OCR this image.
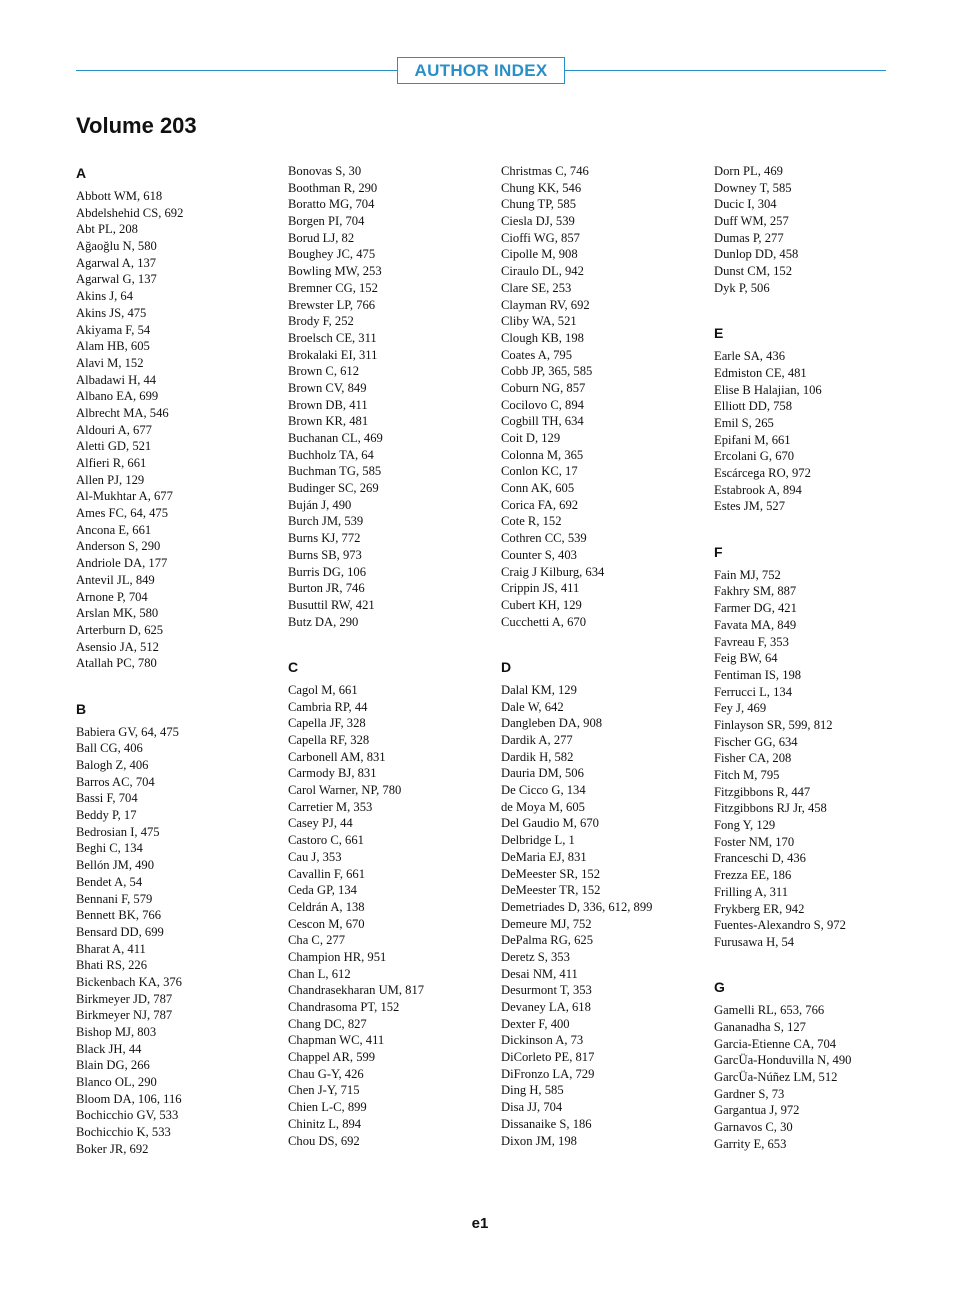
AUTHOR INDEX
Volume 203
A
Abbott WM, 618
Abdelshehid CS, 692
Abt PL, 208
Ağaoğlu N, 580
Agarwal A, 137
Agarwal G, 137
Akins J, 64
Akins JS, 475
Akiyama F, 54
Alam HB, 605
Alavi M, 152
Albadawi H, 44
Albano EA, 699
Albrecht MA, 546
Aldouri A, 677
Aletti GD, 521
Alfieri R, 661
Allen PJ, 129
Al-Mukhtar A, 677
Ames FC, 64, 475
Ancona E, 661
Anderson S, 290
Andriole DA, 177
Antevil JL, 849
Arnone P, 704
Arslan MK, 580
Arterburn D, 625
Asensio JA, 512
Atallah PC, 780
B
Babiera GV, 64, 475
Ball CG, 406
Balogh Z, 406
Barros AC, 704
Bassi F, 704
Beddy P, 17
Bedrosian I, 475
Beghi C, 134
Bellón JM, 490
Bendet A, 54
Bennani F, 579
Bennett BK, 766
Bensard DD, 699
Bharat A, 411
Bhati RS, 226
Bickenbach KA, 376
Birkmeyer JD, 787
Birkmeyer NJ, 787
Bishop MJ, 803
Black JH, 44
Blain DG, 266
Blanco OL, 290
Bloom DA, 106, 116
Bochicchio GV, 533
Bochicchio K, 533
Boker JR, 692
Bonovas S, 30
Boothman R, 290
Boratto MG, 704
Borgen PI, 704
Borud LJ, 82
Boughey JC, 475
Bowling MW, 253
Bremner CG, 152
Brewster LP, 766
Brody F, 252
Broelsch CE, 311
Brokalaki EI, 311
Brown C, 612
Brown CV, 849
Brown DB, 411
Brown KR, 481
Buchanan CL, 469
Buchholz TA, 64
Buchman TG, 585
Budinger SC, 269
Buján J, 490
Burch JM, 539
Burns KJ, 772
Burns SB, 973
Burris DG, 106
Burton JR, 746
Busuttil RW, 421
Butz DA, 290
C
Cagol M, 661
Cambria RP, 44
Capella JF, 328
Capella RF, 328
Carbonell AM, 831
Carmody BJ, 831
Carol Warner, NP, 780
Carretier M, 353
Casey PJ, 44
Castoro C, 661
Cau J, 353
Cavallin F, 661
Ceda GP, 134
Celdrán A, 138
Cescon M, 670
Cha C, 277
Champion HR, 951
Chan L, 612
Chandrasekharan UM, 817
Chandrasoma PT, 152
Chang DC, 827
Chapman WC, 411
Chappel AR, 599
Chau G-Y, 426
Chen J-Y, 715
Chien L-C, 899
Chinitz L, 894
Chou DS, 692
Christmas C, 746
Chung KK, 546
Chung TP, 585
Ciesla DJ, 539
Cioffi WG, 857
Cipolle M, 908
Ciraulo DL, 942
Clare SE, 253
Clayman RV, 692
Cliby WA, 521
Clough KB, 198
Coates A, 795
Cobb JP, 365, 585
Coburn NG, 857
Cocilovo C, 894
Cogbill TH, 634
Coit D, 129
Colonna M, 365
Conlon KC, 17
Conn AK, 605
Corica FA, 692
Cote R, 152
Cothren CC, 539
Counter S, 403
Craig J Kilburg, 634
Crippin JS, 411
Cubert KH, 129
Cucchetti A, 670
D
Dalal KM, 129
Dale W, 642
Dangleben DA, 908
Dardik A, 277
Dardik H, 582
Dauria DM, 506
De Cicco G, 134
de Moya M, 605
Del Gaudio M, 670
Delbridge L, 1
DeMaria EJ, 831
DeMeester SR, 152
DeMeester TR, 152
Demetriades D, 336, 612, 899
Demeure MJ, 752
DePalma RG, 625
Deretz S, 353
Desai NM, 411
Desurmont T, 353
Devaney LA, 618
Dexter F, 400
Dickinson A, 73
DiCorleto PE, 817
DiFronzo LA, 729
Ding H, 585
Disa JJ, 704
Dissanaike S, 186
Dixon JM, 198
Dorn PL, 469
Downey T, 585
Ducic I, 304
Duff WM, 257
Dumas P, 277
Dunlop DD, 458
Dunst CM, 152
Dyk P, 506
E
Earle SA, 436
Edmiston CE, 481
Elise B Halajian, 106
Elliott DD, 758
Emil S, 265
Epifani M, 661
Ercolani G, 670
Escárcega RO, 972
Estabrook A, 894
Estes JM, 527
F
Fain MJ, 752
Fakhry SM, 887
Farmer DG, 421
Favata MA, 849
Favreau F, 353
Feig BW, 64
Fentiman IS, 198
Ferrucci L, 134
Fey J, 469
Finlayson SR, 599, 812
Fischer GG, 634
Fisher CA, 208
Fitch M, 795
Fitzgibbons R, 447
Fitzgibbons RJ Jr, 458
Fong Y, 129
Foster NM, 170
Franceschi D, 436
Frezza EE, 186
Frilling A, 311
Frykberg ER, 942
Fuentes-Alexandro S, 972
Furusawa H, 54
G
Gamelli RL, 653, 766
Gananadha S, 127
Garcia-Etienne CA, 704
GarcÜa-Honduvilla N, 490
GarcÜa-Núñez LM, 512
Gardner S, 73
Gargantua J, 972
Garnavos C, 30
Garrity E, 653
e1
